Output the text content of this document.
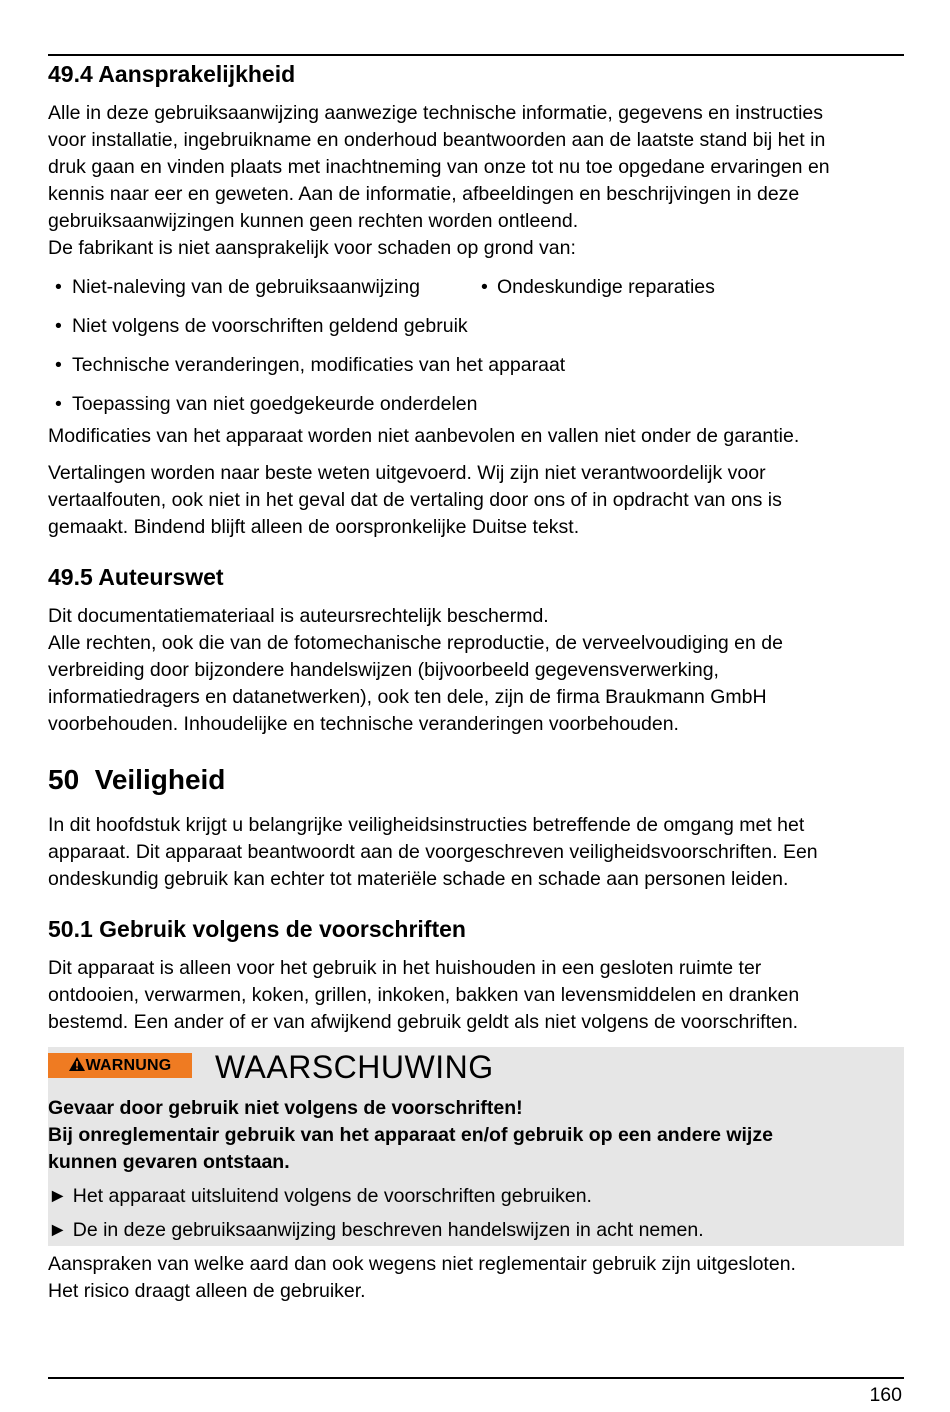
49.4 Aansprakelijkheid

Alle in deze gebruiksaanwijzing aanwezige technische informatie, gegevens en instructies

voor installatie, ingebruikname en onderhoud beantwoorden aan de laatste stand bij het in

druk gaan en vinden plaats met inachtneming van onze tot nu toe opgedane ervaringen en

kennis naar eer en geweten. Aan de informatie, afbeeldingen en beschrijvingen in deze

gebruiksaanwijzingen kunnen geen rechten worden ontleend.

De fabrikant is niet aansprakelijk voor schaden op grond van:

• Niet-naleving van de gebruiksaanwijzing	• Ondeskundige reparaties
• Niet volgens de voorschriften geldend gebruik
• Technische veranderingen, modificaties van het apparaat
• Toepassing van niet goedgekeurde onderdelen

Modificaties van het apparaat worden niet aanbevolen en vallen niet onder de garantie.

Vertalingen worden naar beste weten uitgevoerd. Wij zijn niet verantwoordelijk voor

vertaalfouten, ook niet in het geval dat de vertaling door ons of in opdracht van ons is

gemaakt. Bindend blijft alleen de oorspronkelijke Duitse tekst.

49.5 Auteurswet

Dit documentatiemateriaal is auteursrechtelijk beschermd.

Alle rechten, ook die van de fotomechanische reproductie, de verveelvoudiging en de

verbreiding door bijzondere handelswijzen (bijvoorbeeld gegevensverwerking,

informatiedragers en datanetwerken), ook ten dele, zijn de firma Braukmann GmbH

voorbehouden. Inhoudelijke en technische veranderingen voorbehouden.

50  Veiligheid

In dit hoofdstuk krijgt u belangrijke veiligheidsinstructies betreffende de omgang met het

apparaat. Dit apparaat beantwoordt aan de voorgeschreven veiligheidsvoorschriften. Een

ondeskundig gebruik kan echter tot materiële schade en schade aan personen leiden.

50.1 Gebruik volgens de voorschriften

Dit apparaat is alleen voor het gebruik in het huishouden in een gesloten ruimte ter

ontdooien, verwarmen, koken, grillen, inkoken, bakken van levensmiddelen en dranken

bestemd. Een ander of er van afwijkend gebruik geldt als niet volgens de voorschriften.

WARNUNG	WAARSCHUWING

Gevaar door gebruik niet volgens de voorschriften!

Bij onreglementair gebruik van het apparaat en/of gebruik op een andere wijze

kunnen gevaren ontstaan.

► Het apparaat uitsluitend volgens de voorschriften gebruiken.

► De in deze gebruiksaanwijzing beschreven handelswijzen in acht nemen.

Aanspraken van welke aard dan ook wegens niet reglementair gebruik zijn uitgesloten.

Het risico draagt alleen de gebruiker.

160
